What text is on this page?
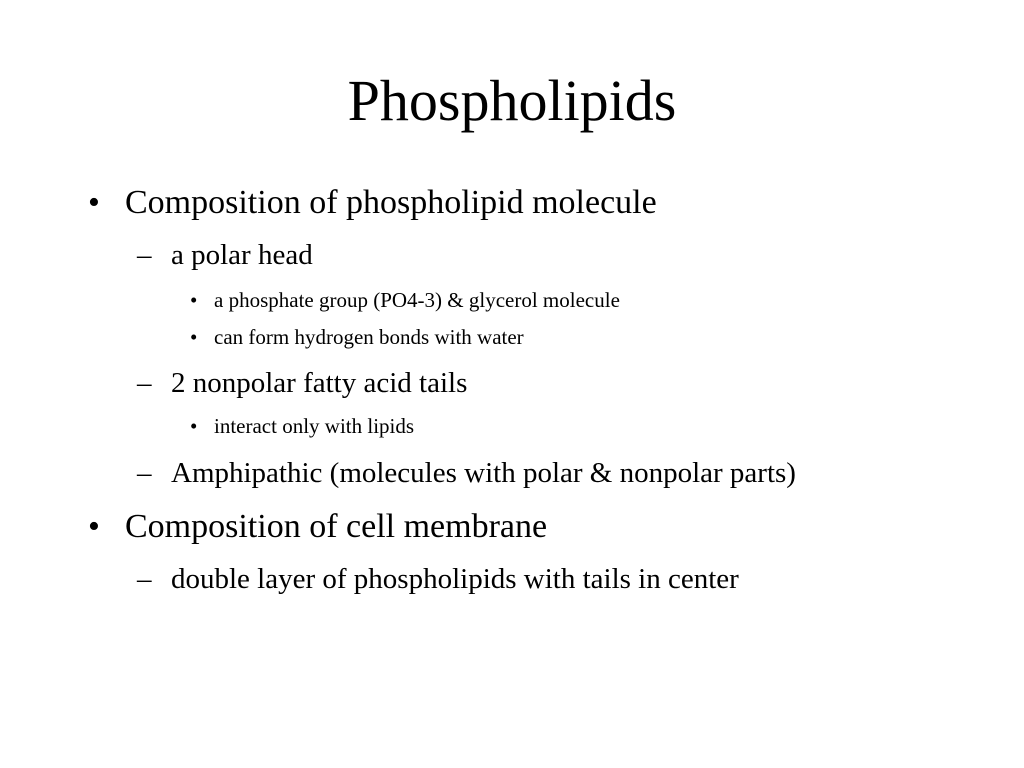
Phospholipids
• Composition of phospholipid molecule
– a polar head
• a phosphate group (PO4-3) & glycerol molecule
• can form hydrogen bonds with water
– 2 nonpolar fatty acid tails
• interact only with lipids
– Amphipathic (molecules with polar & nonpolar parts)
• Composition of cell membrane
– double layer of phospholipids with tails in center
